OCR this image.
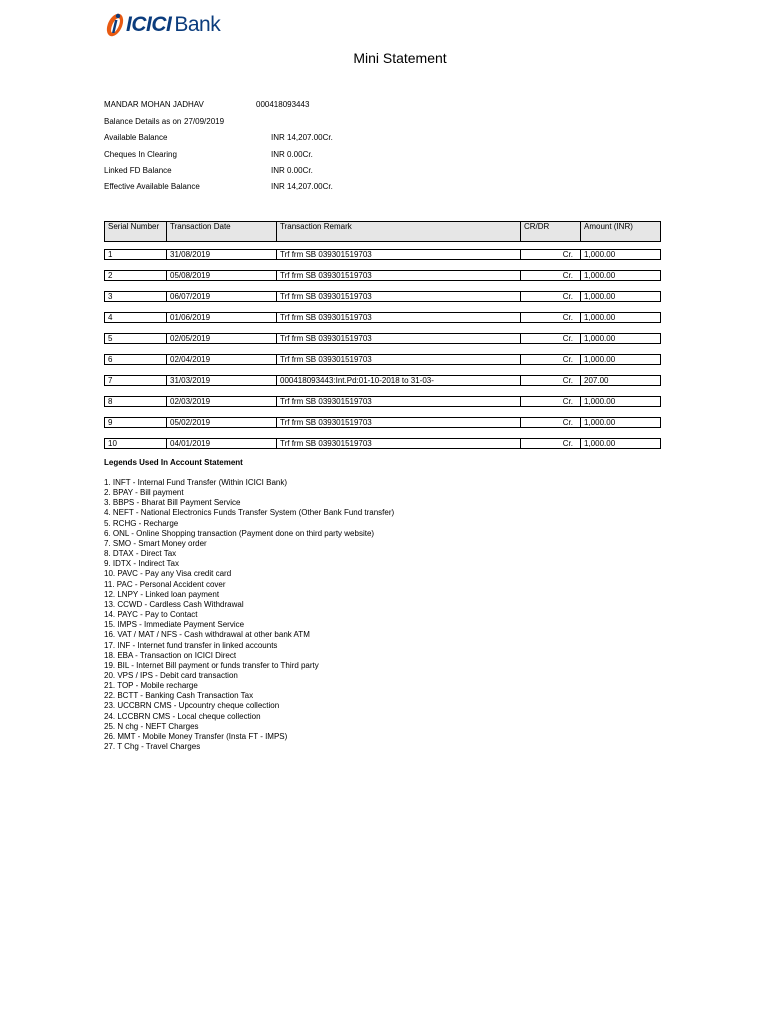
ICICI Bank
Mini Statement
MANDAR MOHAN JADHAV	000418093443
Balance Details as on 27/09/2019
Available Balance	INR 14,207.00Cr.
Cheques In Clearing	INR 0.00Cr.
Linked FD Balance	INR 0.00Cr.
Effective Available Balance	INR 14,207.00Cr.
Serial Number	Transaction Date	Transaction Remark	CR/DR	Amount (INR)
1	31/08/2019	Trf frm SB 039301519703	Cr.	1,000.00
2	05/08/2019	Trf frm SB 039301519703	Cr.	1,000.00
3	06/07/2019	Trf frm SB 039301519703	Cr.	1,000.00
4	01/06/2019	Trf frm SB 039301519703	Cr.	1,000.00
5	02/05/2019	Trf frm SB 039301519703	Cr.	1,000.00
6	02/04/2019	Trf frm SB 039301519703	Cr.	1,000.00
7	31/03/2019	000418093443:Int.Pd:01-10-2018 to 31-03-	Cr.	207.00
8	02/03/2019	Trf frm SB 039301519703	Cr.	1,000.00
9	05/02/2019	Trf frm SB 039301519703	Cr.	1,000.00
10	04/01/2019	Trf frm SB 039301519703	Cr.	1,000.00
Legends Used In Account Statement
1. INFT - Internal Fund Transfer (Within ICICI Bank)
2. BPAY - Bill payment
3. BBPS - Bharat Bill Payment Service
4. NEFT - National Electronics Funds Transfer System (Other Bank Fund transfer)
5. RCHG - Recharge
6. ONL - Online Shopping transaction (Payment done on third party website)
7. SMO - Smart Money order
8. DTAX - Direct Tax
9. IDTX - Indirect Tax
10. PAVC - Pay any Visa credit card
11. PAC - Personal Accident cover
12. LNPY - Linked loan payment
13. CCWD - Cardless Cash Withdrawal
14. PAYC - Pay to Contact
15. IMPS - Immediate Payment Service
16. VAT / MAT / NFS - Cash withdrawal at other bank ATM
17. INF - Internet fund transfer in linked accounts
18. EBA - Transaction on ICICI Direct
19. BIL - Internet Bill payment or funds transfer to Third party
20. VPS / IPS - Debit card transaction
21. TOP - Mobile recharge
22. BCTT - Banking Cash Transaction Tax
23. UCCBRN CMS - Upcountry cheque collection
24. LCCBRN CMS - Local cheque collection
25. N chg - NEFT Charges
26. MMT - Mobile Money Transfer (Insta FT - IMPS)
27. T Chg - Travel Charges
